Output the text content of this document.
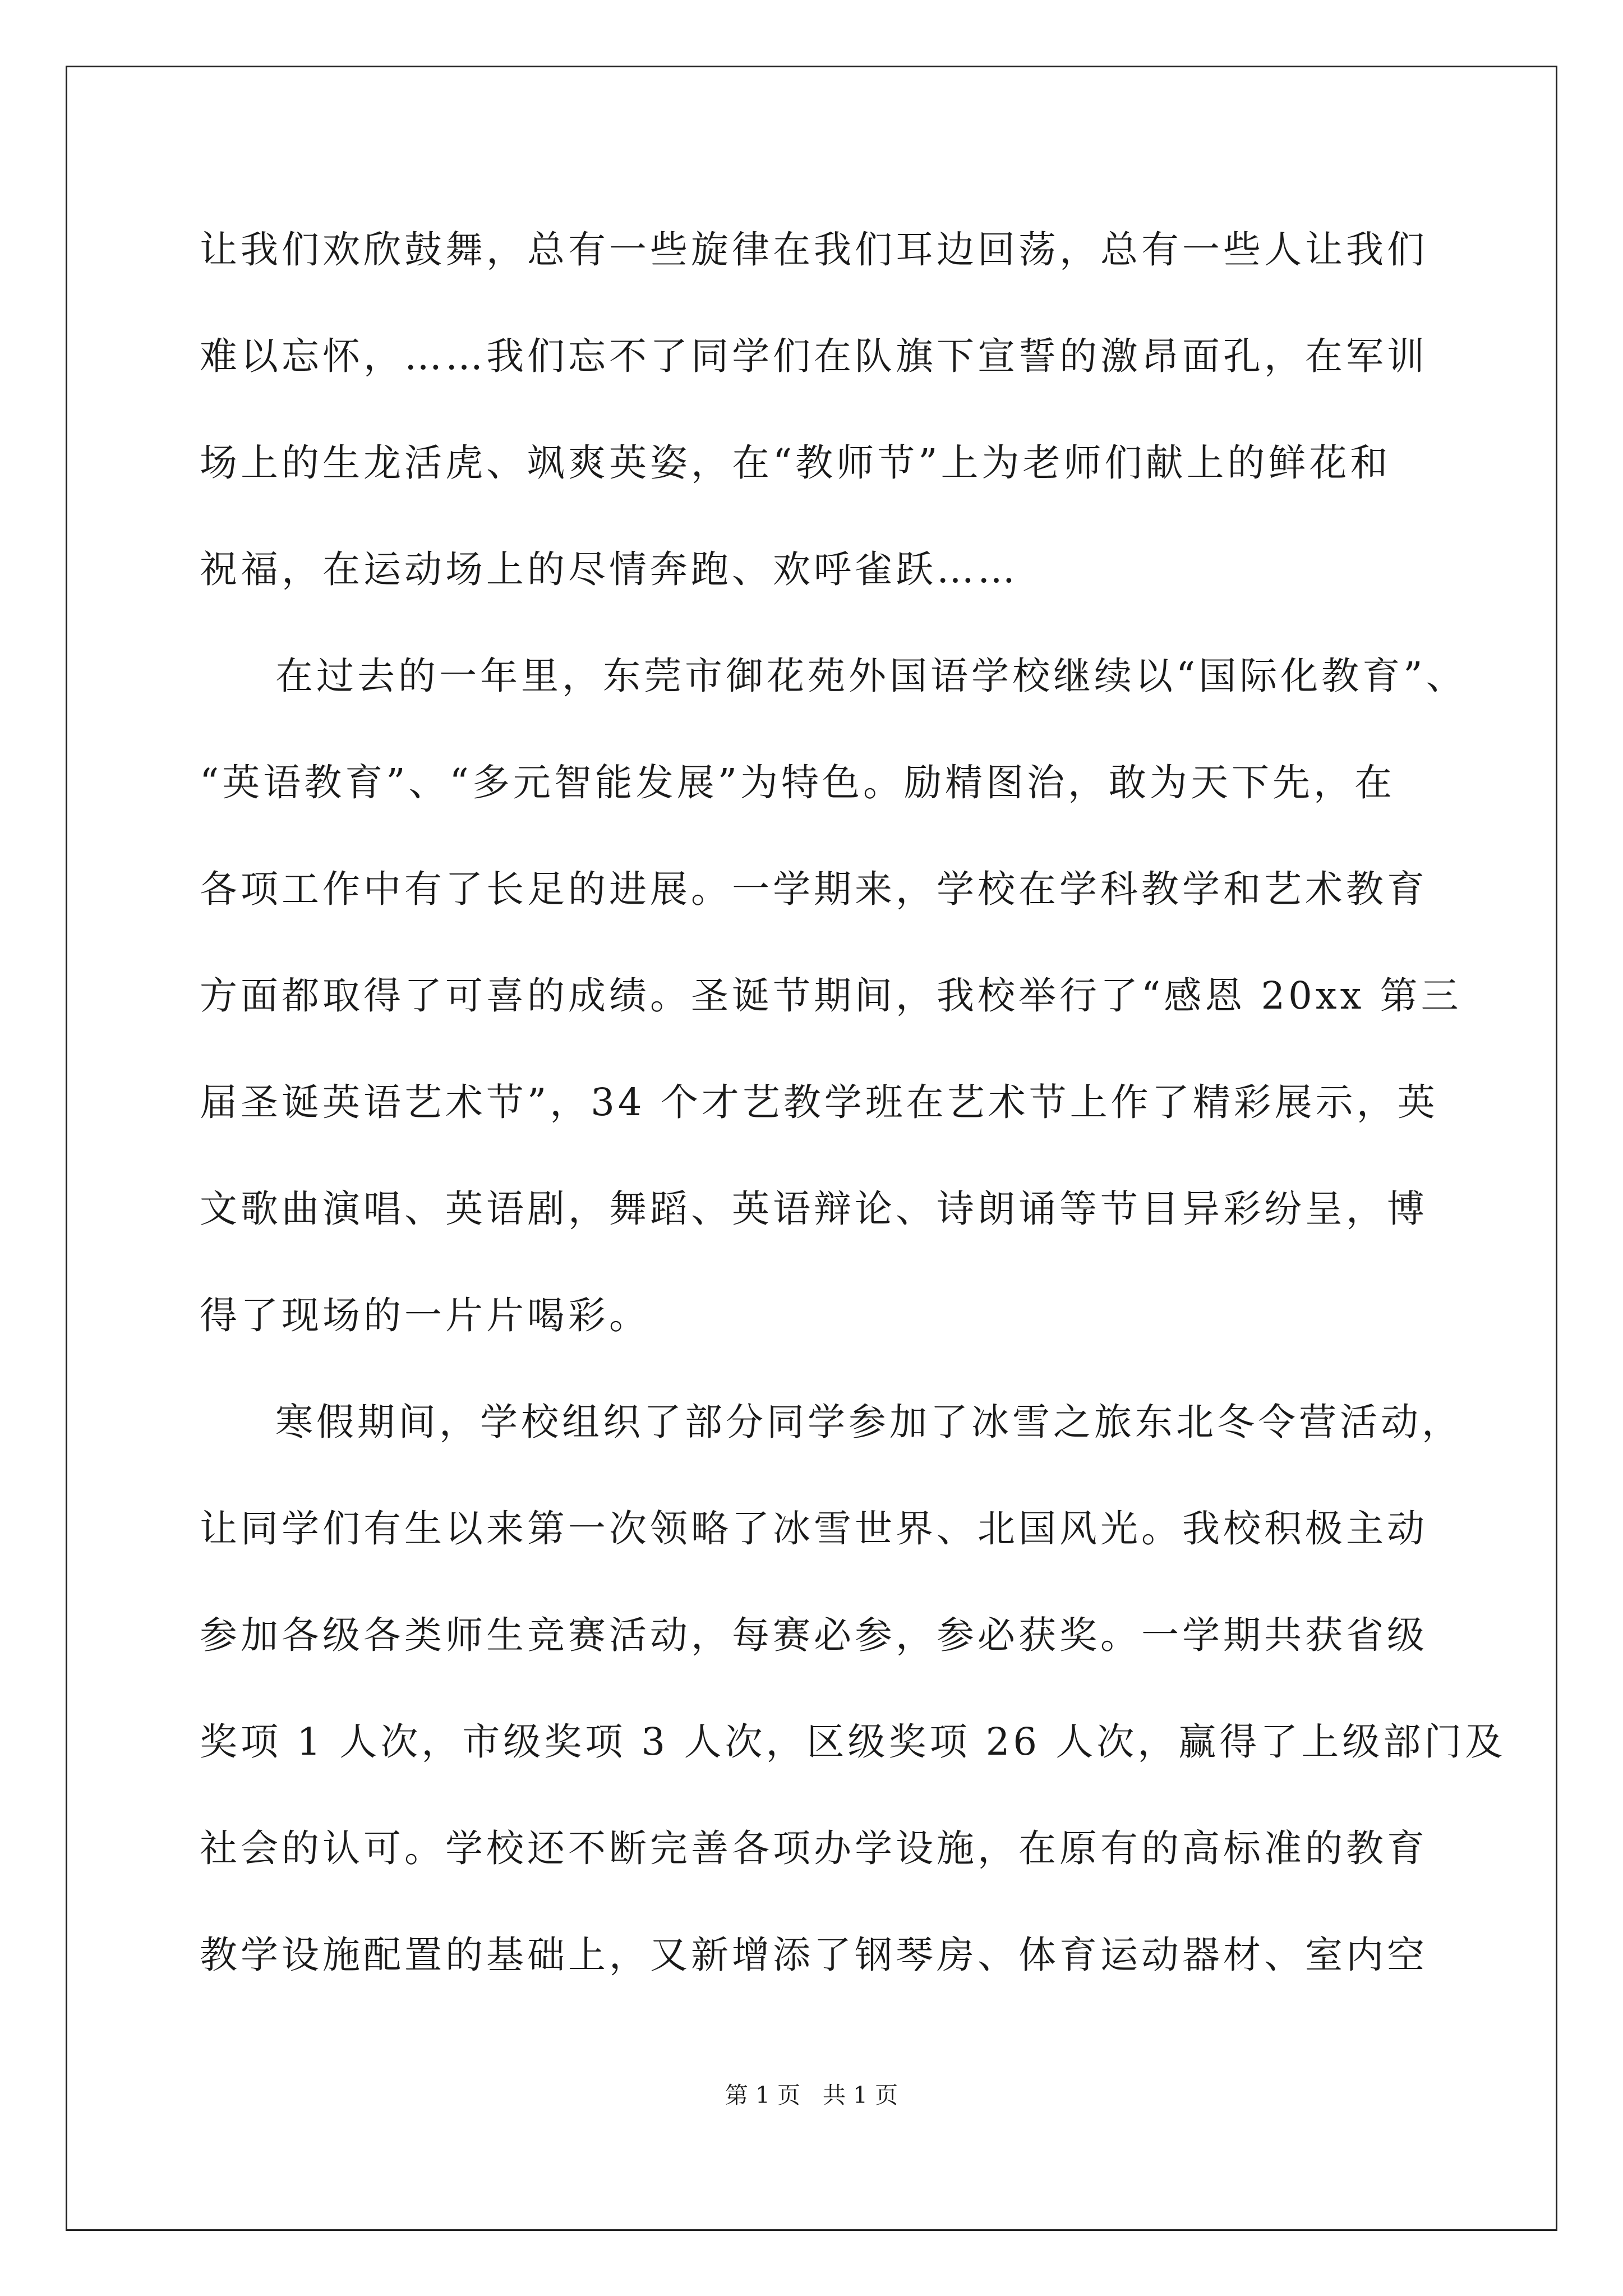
让我们欢欣鼓舞，总有一些旋律在我们耳边回荡，总有一些人让我们
难以忘怀，……我们忘不了同学们在队旗下宣誓的激昂面孔，在军训
场上的生龙活虎、飒爽英姿，在“教师节”上为老师们献上的鲜花和
祝福，在运动场上的尽情奔跑、欢呼雀跃……
在过去的一年里，东莞市御花苑外国语学校继续以“国际化教育”、
“英语教育”、“多元智能发展”为特色。励精图治，敢为天下先，在
各项工作中有了长足的进展。一学期来，学校在学科教学和艺术教育
方面都取得了可喜的成绩。圣诞节期间，我校举行了“感恩 20xx 第三
届圣诞英语艺术节”，34 个才艺教学班在艺术节上作了精彩展示，英
文歌曲演唱、英语剧，舞蹈、英语辩论、诗朗诵等节目异彩纷呈，博
得了现场的一片片喝彩。
寒假期间，学校组织了部分同学参加了冰雪之旅东北冬令营活动，
让同学们有生以来第一次领略了冰雪世界、北国风光。我校积极主动
参加各级各类师生竞赛活动，每赛必参，参必获奖。一学期共获省级
奖项 1 人次，市级奖项 3 人次，区级奖项 26 人次，赢得了上级部门及
社会的认可。学校还不断完善各项办学设施，在原有的高标准的教育
教学设施配置的基础上，又新增添了钢琴房、体育运动器材、室内空
第 1 页 共 1 页
